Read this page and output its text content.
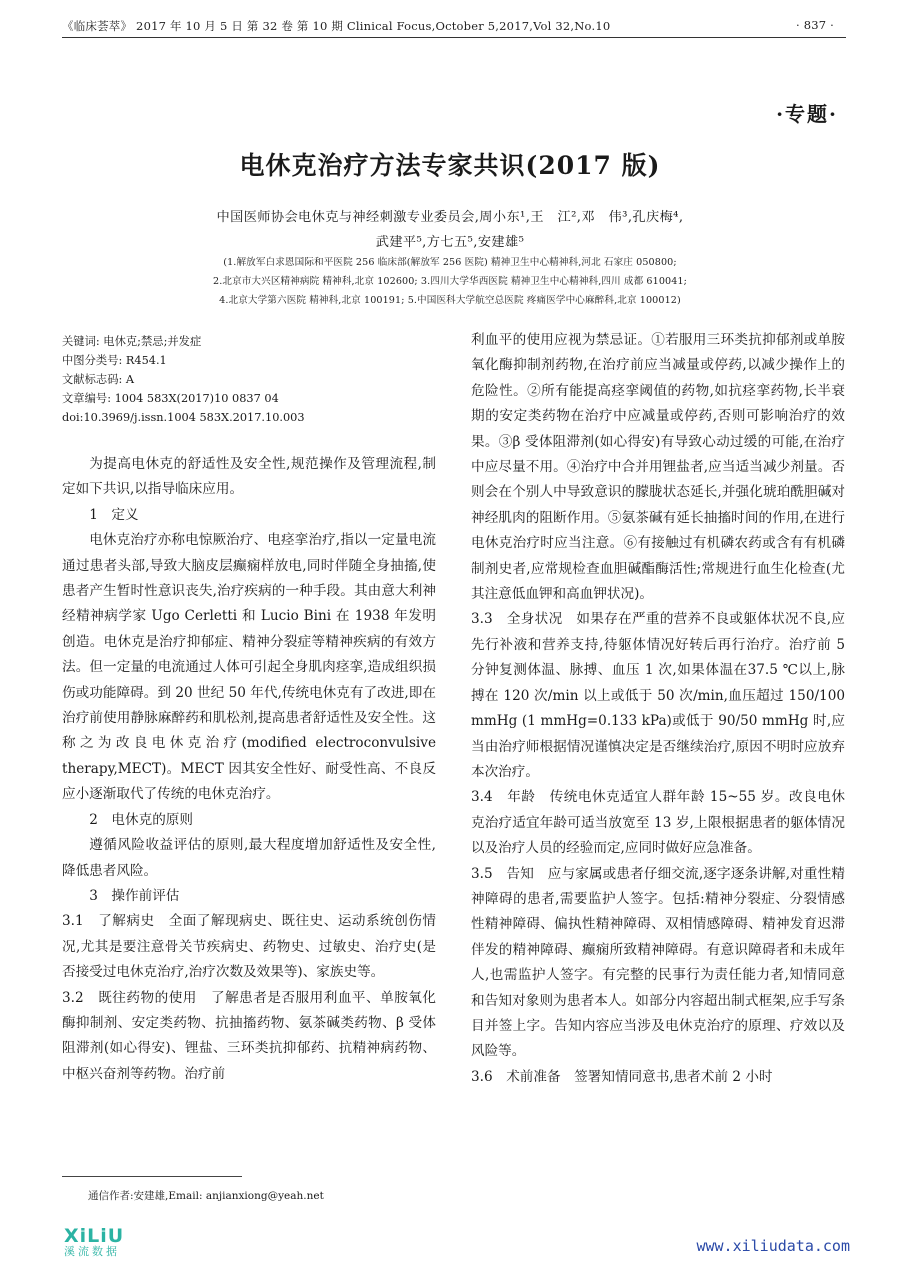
《临床荟萃》 2017 年 10 月 5 日 第 32 卷 第 10 期 Clinical Focus,October 5,2017,Vol 32,No.10	· 837 ·
·专题·
电休克治疗方法专家共识(2017 版)
中国医师协会电休克与神经刺激专业委员会,周小东¹,王　江²,邓　伟³,孔庆梅⁴,
武建平⁵,方七五⁵,安建雄⁵
(1.解放军白求恩国际和平医院 256 临床部(解放军 256 医院) 精神卫生中心精神科,河北 石家庄 050800;
2.北京市大兴区精神病院 精神科,北京 102600; 3.四川大学华西医院 精神卫生中心精神科,四川 成都 610041;
4.北京大学第六医院 精神科,北京 100191; 5.中国医科大学航空总医院 疼痛医学中心麻醉科,北京 100012)
关键词: 电休克;禁忌;并发症
中图分类号: R454.1
文献标志码: A
文章编号: 1004 583X(2017)10 0837 04
doi:10.3969/j.issn.1004 583X.2017.10.003

为提高电休克的舒适性及安全性,规范操作及管理流程,制定如下共识,以指导临床应用。

1　定义

电休克治疗亦称电惊厥治疗、电痉挛治疗,指以一定量电流通过患者头部,导致大脑皮层癫痫样放电,同时伴随全身抽搐,使患者产生暂时性意识丧失,治疗疾病的一种手段。其由意大利神经精神病学家 Ugo Cerletti 和 Lucio Bini 在 1938 年发明创造。电休克是治疗抑郁症、精神分裂症等精神疾病的有效方法。但一定量的电流通过人体可引起全身肌肉痉挛,造成组织损伤或功能障碍。到 20 世纪 50 年代,传统电休克有了改进,即在治疗前使用静脉麻醉药和肌松剂,提高患者舒适性及安全性。这称之为改良电休克治疗(modified electroconvulsive therapy,MECT)。MECT 因其安全性好、耐受性高、不良反应小逐渐取代了传统的电休克治疗。

2　电休克的原则

遵循风险收益评估的原则,最大程度增加舒适性及安全性,降低患者风险。

3　操作前评估

3.1　了解病史　全面了解现病史、既往史、运动系统创伤情况,尤其是要注意骨关节疾病史、药物史、过敏史、治疗史(是否接受过电休克治疗,治疗次数及效果等)、家族史等。

3.2　既往药物的使用　了解患者是否服用利血平、单胺氧化酶抑制剂、安定类药物、抗抽搐药物、氨茶碱类药物、β 受体阻滞剂(如心得安)、锂盐、三环类抗抑郁药、抗精神病药物、中枢兴奋剂等药物。治疗前

利血平的使用应视为禁忌证。①若服用三环类抗抑郁剂或单胺氧化酶抑制剂药物,在治疗前应当减量或停药,以减少操作上的危险性。②所有能提高痉挛阈值的药物,如抗痉挛药物,长半衰期的安定类药物在治疗中应减量或停药,否则可影响治疗的效果。③β 受体阻滞剂(如心得安)有导致心动过缓的可能,在治疗中应尽量不用。④治疗中合并用锂盐者,应当适当减少剂量。否则会在个别人中导致意识的朦胧状态延长,并强化琥珀酰胆碱对神经肌肉的阻断作用。⑤氨茶碱有延长抽搐时间的作用,在进行电休克治疗时应当注意。⑥有接触过有机磷农药或含有有机磷制剂史者,应常规检查血胆碱酯酶活性;常规进行血生化检查(尤其注意低血钾和高血钾状况)。

3.3　全身状况　如果存在严重的营养不良或躯体状况不良,应先行补液和营养支持,待躯体情况好转后再行治疗。治疗前 5 分钟复测体温、脉搏、血压 1 次,如果体温在37.5 ℃以上,脉搏在 120 次/min 以上或低于 50 次/min,血压超过 150/100 mmHg (1 mmHg=0.133 kPa)或低于 90/50 mmHg 时,应当由治疗师根据情况谨慎决定是否继续治疗,原因不明时应放弃本次治疗。

3.4　年龄　传统电休克适宜人群年龄 15~55 岁。改良电休克治疗适宜年龄可适当放宽至 13 岁,上限根据患者的躯体情况以及治疗人员的经验而定,应同时做好应急准备。

3.5　告知　应与家属或患者仔细交流,逐字逐条讲解,对重性精神障碍的患者,需要监护人签字。包括:精神分裂症、分裂情感性精神障碍、偏执性精神障碍、双相情感障碍、精神发育迟滞伴发的精神障碍、癫痫所致精神障碍。有意识障碍者和未成年人,也需监护人签字。有完整的民事行为责任能力者,知情同意和告知对象则为患者本人。如部分内容超出制式框架,应手写条目并签上字。告知内容应当涉及电休克治疗的原理、疗效以及风险等。

3.6　术前准备　签署知情同意书,患者术前 2 小时

通信作者:安建雄,Email: anjianxiong@yeah.net
XiLiU
溪流数据	www.xiliudata.com
